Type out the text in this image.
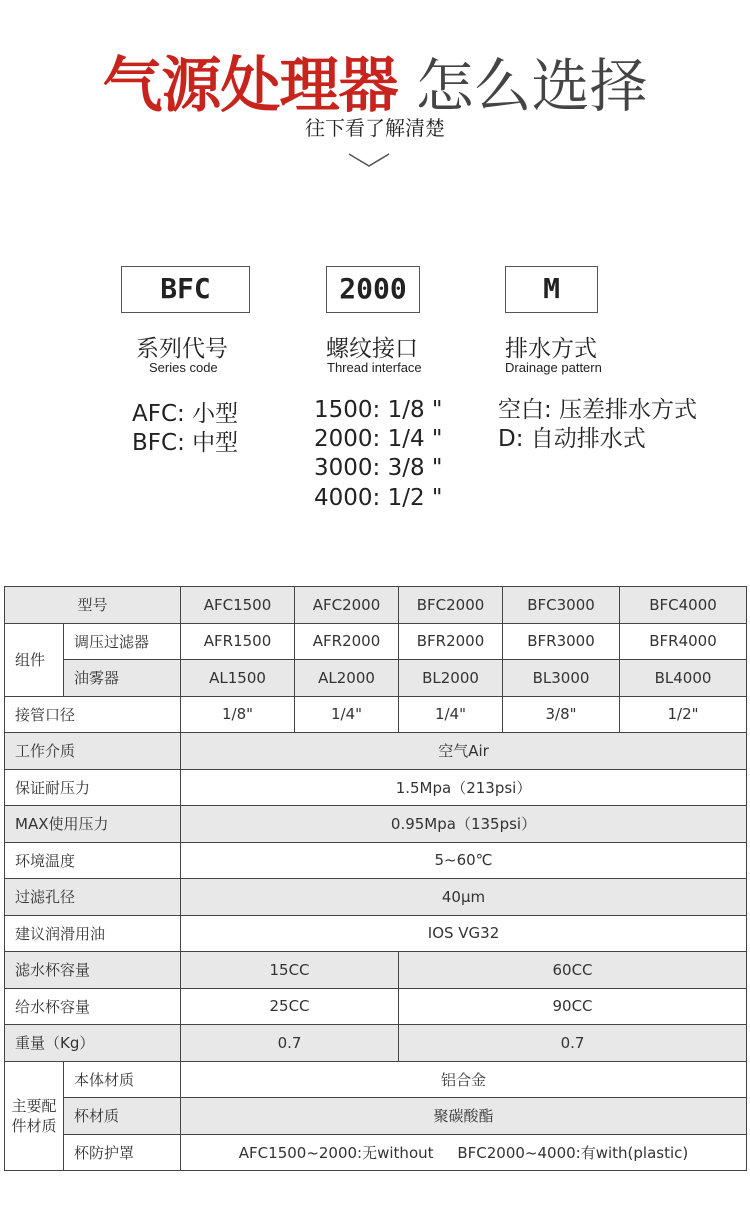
气源处理器 怎么选择
往下看了解清楚
BFC
系列代号
Series code
AFC: 小型
BFC: 中型
2000
螺纹接口
Thread interface
1500: 1/8 "
2000: 1/4 "
3000: 3/8 "
4000: 1/2 "
M
排水方式
Drainage pattern
空白: 压差排水方式
D: 自动排水式
型号		AFC1500	AFC2000	BFC2000	BFC3000	BFC4000
组件	调压过滤器	AFR1500	AFR2000	BFR2000	BFR3000	BFR4000
	油雾器	AL1500	AL2000	BL2000	BL3000	BL4000
接管口径		1/8"	1/4"	1/4"	3/8"	1/2"
工作介质		空气Air				
保证耐压力		1.5Mpa（213psi）				
MAX使用压力		0.95Mpa（135psi）				
环境温度		5~60℃				
过滤孔径		40μm				
建议润滑用油		IOS VG32				
滤水杯容量		15CC		60CC		
给水杯容量		25CC		90CC		
重量（Kg）		0.7		0.7		
主要配件材质	本体材质	铝合金				
	杯材质	聚碳酸酯				
	杯防护罩	AFC1500~2000:无without     BFC2000~4000:有with(plastic)				
